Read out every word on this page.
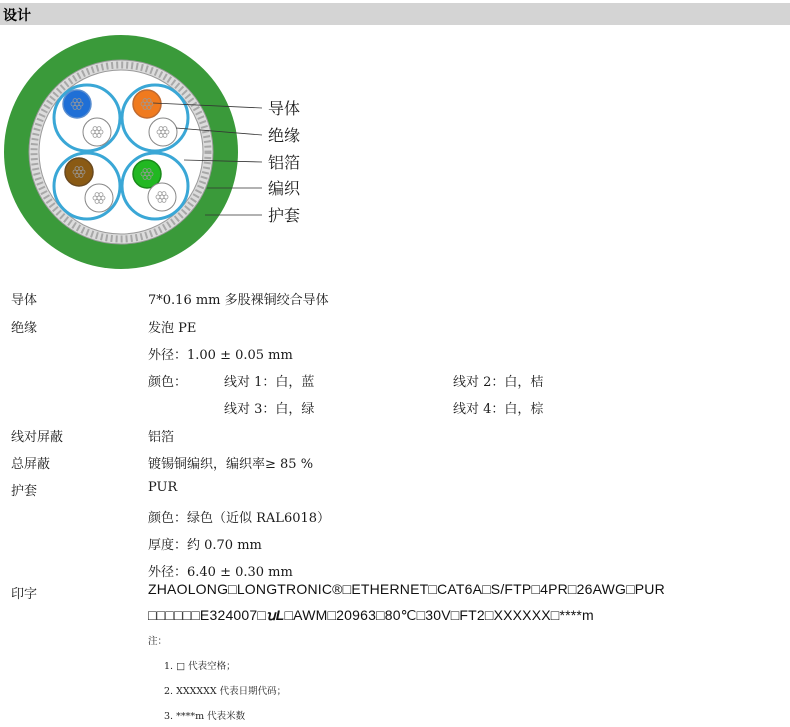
设计
导体
绝缘
铝箔
编织
护套
导体	7*0.16 mm 多股裸铜绞合导体
绝缘	发泡 PE
外径：1.00 ± 0.05 mm
颜色：	线对 1：白，蓝	线对 2：白，桔
线对 3：白，绿	线对 4：白，棕
线对屏蔽	铝箔
总屏蔽	镀锡铜编织，编织率≥ 85 %
护套	PUR
颜色：绿色（近似 RAL6018）
厚度：约 0.70 mm
外径：6.40 ± 0.30 mm
印字	ZHAOLONG□LONGTRONIC®□ETHERNET□CAT6A□S/FTP□4PR□26AWG□PUR
□□□□□□E324007□ꭒL□AWM□20963□80℃□30V□FT2□XXXXXX□****m
注：
1. □ 代表空格；
2. XXXXXX 代表日期代码；
3. ****m 代表米数
